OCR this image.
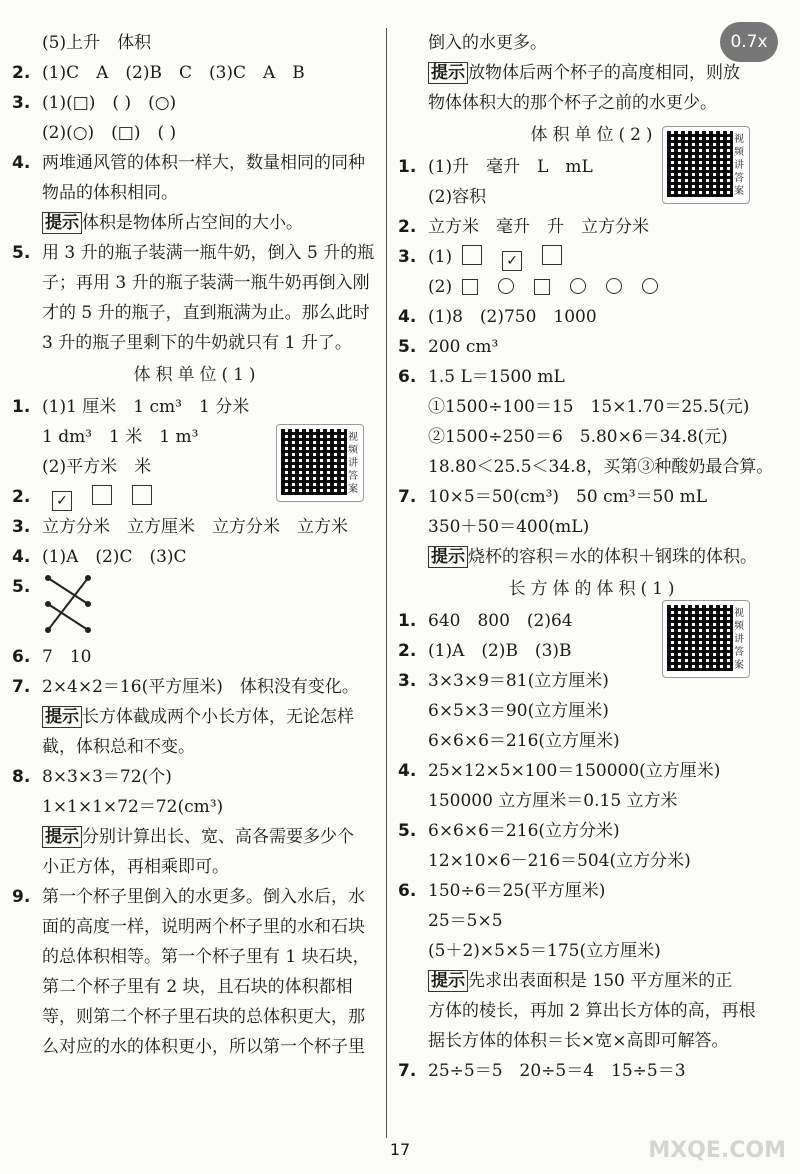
0.7x
(5)上升　体积
2. (1)C　A　(2)B　C　(3)C　A　B
3. (1)(□)　( )　(○)
(2)(○)　(□)　( )
4. 两堆通风管的体积一样大，数量相同的同种
物品的体积相同。
提示 体积是物体所占空间的大小。
5. 用 3 升的瓶子装满一瓶牛奶，倒入 5 升的瓶
子；再用 3 升的瓶子装满一瓶牛奶再倒入刚
才的 5 升的瓶子，直到瓶满为止。那么此时
3 升的瓶子里剩下的牛奶就只有 1 升了。
体积单位(1)
1. (1)1 厘米　1 cm³　1 分米
1 dm³　1 米　1 m³
(2)平方米　米
2. ✓
3. 立方分米　立方厘米　立方分米　立方米
4. (1)A　(2)C　(3)C
5.
6. 7　10
7. 2×4×2＝16(平方厘米)　体积没有变化。
提示 长方体截成两个小长方体，无论怎样
截，体积总和不变。
8. 8×3×3＝72(个)
1×1×1×72＝72(cm³)
提示 分别计算出长、宽、高各需要多少个
小正方体，再相乘即可。
9. 第一个杯子里倒入的水更多。倒入水后，水
面的高度一样，说明两个杯子里的水和石块
的总体积相等。第一个杯子里有 1 块石块，
第二个杯子里有 2 块，且石块的体积都相
等，则第二个杯子里石块的总体积更大，那
么对应的水的体积更小，所以第一个杯子里
倒入的水更多。
提示 放物体后两个杯子的高度相同，则放
物体体积大的那个杯子之前的水更少。
体积单位(2)
1. (1)升　毫升　L　mL
(2)容积
2. 立方米　毫升　升　立方分米
3. (1)	✓
(2)
4. (1)8　(2)750　1000
5. 200 cm³
6. 1.5 L＝1500 mL
①1500÷100＝15　15×1.70＝25.5(元)
②1500÷250＝6　5.80×6＝34.8(元)
18.80＜25.5＜34.8，买第③种酸奶最合算。
7. 10×5＝50(cm³)　50 cm³＝50 mL
350＋50＝400(mL)
提示 烧杯的容积＝水的体积＋钢珠的体积。
长方体的体积(1)
1. 640　800　(2)64
2. (1)A　(2)B　(3)B
3. 3×3×9＝81(立方厘米)
6×5×3＝90(立方厘米)
6×6×6＝216(立方厘米)
4. 25×12×5×100＝150000(立方厘米)
150000 立方厘米＝0.15 立方米
5. 6×6×6＝216(立方分米)
12×10×6－216＝504(立方分米)
6. 150÷6＝25(平方厘米)
25＝5×5
(5＋2)×5×5＝175(立方厘米)
提示 先求出表面积是 150 平方厘米的正
方体的棱长，再加 2 算出长方体的高，再根
据长方体的体积＝长×宽×高即可解答。
7. 25÷5＝5　20÷5＝4　15÷5＝3
视频讲答案
视频讲答案
视频讲答案
17	MXQE.COM
